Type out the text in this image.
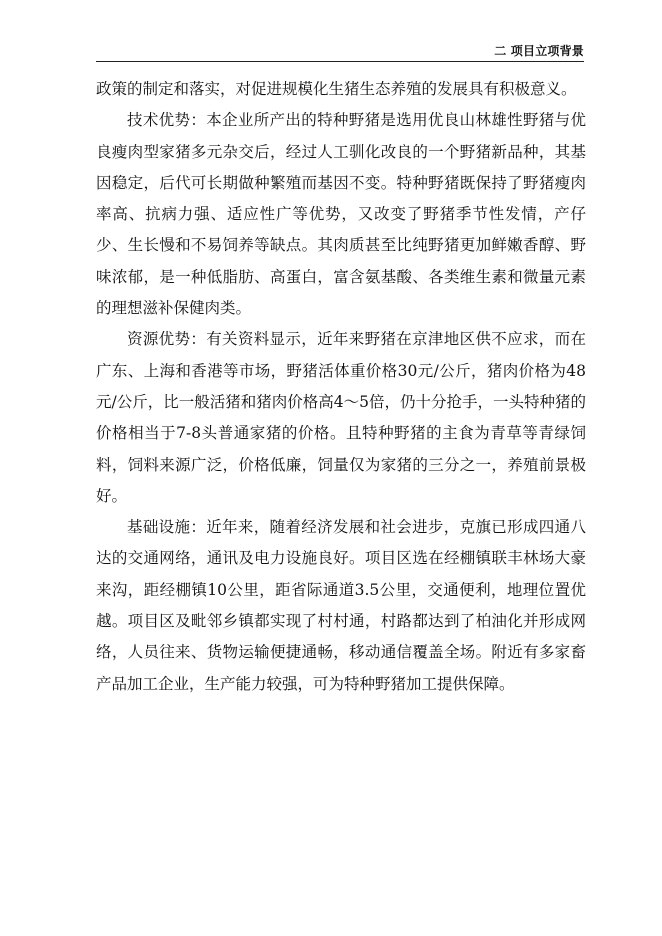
二 项目立项背景

政策的制定和落实，对促进规模化生猪生态养殖的发展具有积极意义。

技术优势：本企业所产出的特种野猪是选用优良山林雄性野猪与优良瘦肉型家猪多元杂交后，经过人工驯化改良的一个野猪新品种，其基因稳定，后代可长期做种繁殖而基因不变。特种野猪既保持了野猪瘦肉率高、抗病力强、适应性广等优势，又改变了野猪季节性发情，产仔少、生长慢和不易饲养等缺点。其肉质甚至比纯野猪更加鲜嫩香醇、野味浓郁，是一种低脂肪、高蛋白，富含氨基酸、各类维生素和微量元素的理想滋补保健肉类。

资源优势：有关资料显示，近年来野猪在京津地区供不应求，而在广东、上海和香港等市场，野猪活体重价格30元/公斤，猪肉价格为48元/公斤，比一般活猪和猪肉价格高4～5倍，仍十分抢手，一头特种猪的价格相当于7-8头普通家猪的价格。且特种野猪的主食为青草等青绿饲料，饲料来源广泛，价格低廉，饲量仅为家猪的三分之一，养殖前景极好。

基础设施：近年来，随着经济发展和社会进步，克旗已形成四通八达的交通网络，通讯及电力设施良好。项目区选在经棚镇联丰林场大豪来沟，距经棚镇10公里，距省际通道3.5公里，交通便利，地理位置优越。项目区及毗邻乡镇都实现了村村通，村路都达到了柏油化并形成网络，人员往来、货物运输便捷通畅，移动通信覆盖全场。附近有多家畜产品加工企业，生产能力较强，可为特种野猪加工提供保障。
